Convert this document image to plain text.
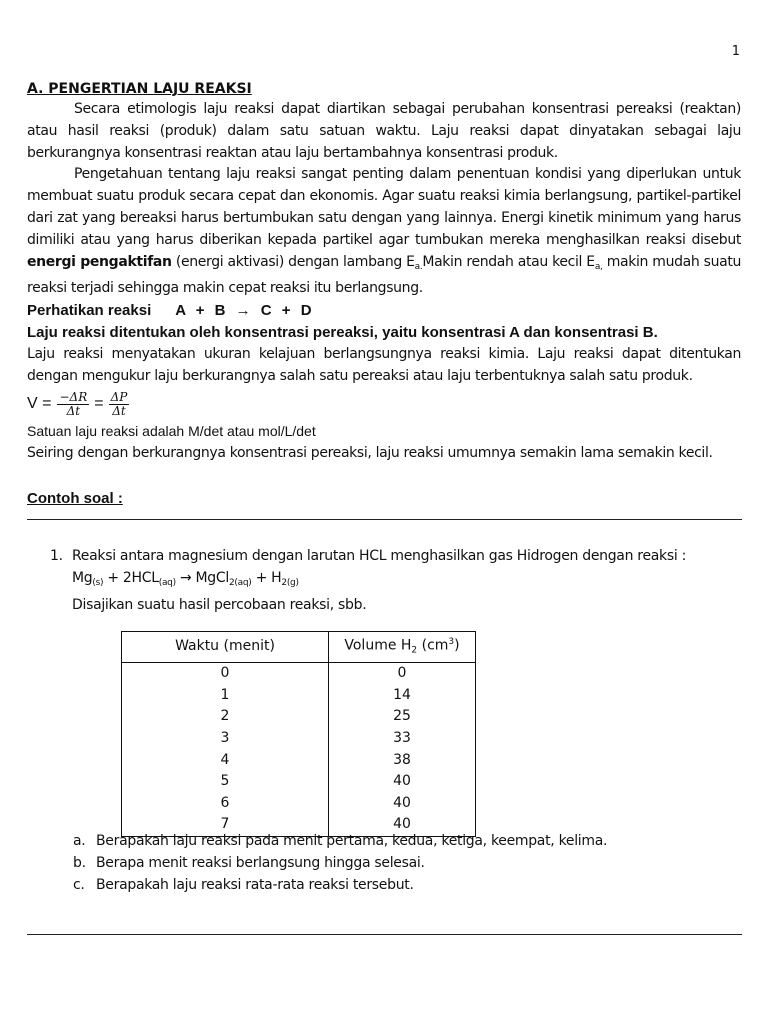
1
A. PENGERTIAN LAJU REAKSI

Secara etimologis laju reaksi dapat diartikan sebagai perubahan konsentrasi pereaksi (reaktan) atau hasil reaksi (produk) dalam satu satuan waktu. Laju reaksi dapat dinyatakan sebagai laju berkurangnya konsentrasi reaktan atau laju bertambahnya konsentrasi produk.

Pengetahuan tentang laju reaksi sangat penting dalam penentuan kondisi yang diperlukan untuk membuat suatu produk secara cepat dan ekonomis. Agar suatu reaksi kimia berlangsung, partikel-partikel dari zat yang bereaksi harus bertumbukan satu dengan yang lainnya. Energi kinetik minimum yang harus dimiliki atau yang harus diberikan kepada partikel agar tumbukan mereka menghasilkan reaksi disebut energi pengaktifan (energi aktivasi) dengan lambang $E_{a.}Makin$ rendah atau kecil $E_{a,}$ makin mudah suatu reaksi terjadi sehingga makin cepat reaksi itu berlangsung.

Perhatikan reaksi A + B → C + D

Laju reaksi ditentukan oleh konsentrasi pereaksi, yaitu konsentrasi A dan konsentrasi B.

Laju reaksi menyatakan ukuran kelajuan berlangsungnya reaksi kimia. Laju reaksi dapat ditentukan dengan mengukur laju berkurangnya salah satu pereaksi atau laju terbentuknya salah satu produk.

$V = \frac{-\Delta R}{\Delta t} = \frac{\Delta P}{\Delta t}$

Satuan laju reaksi adalah M/det atau mol/L/det

Seiring dengan berkurangnya konsentrasi pereaksi, laju reaksi umumnya semakin lama semakin kecil.

Contoh soal :
1. Reaksi antara magnesium dengan larutan HCL menghasilkan gas Hidrogen dengan reaksi :
$Mg_{(s)} + 2HCL_{(aq)}$ → MgCl$_{2(aq)}$ + $H_{2(g)}$
Disajikan suatu hasil percobaan reaksi, sbb.
Waktu (menit)	Volume $H_2$ $(cm^3)$
0	0
1	14
2	25
3	33
4	38
5	40
6	40
7	40
a. Berapakah laju reaksi pada menit pertama, kedua, ketiga, keempat, kelima.
b. Berapa menit reaksi berlangsung hingga selesai.
c. Berapakah laju reaksi rata-rata reaksi tersebut.
